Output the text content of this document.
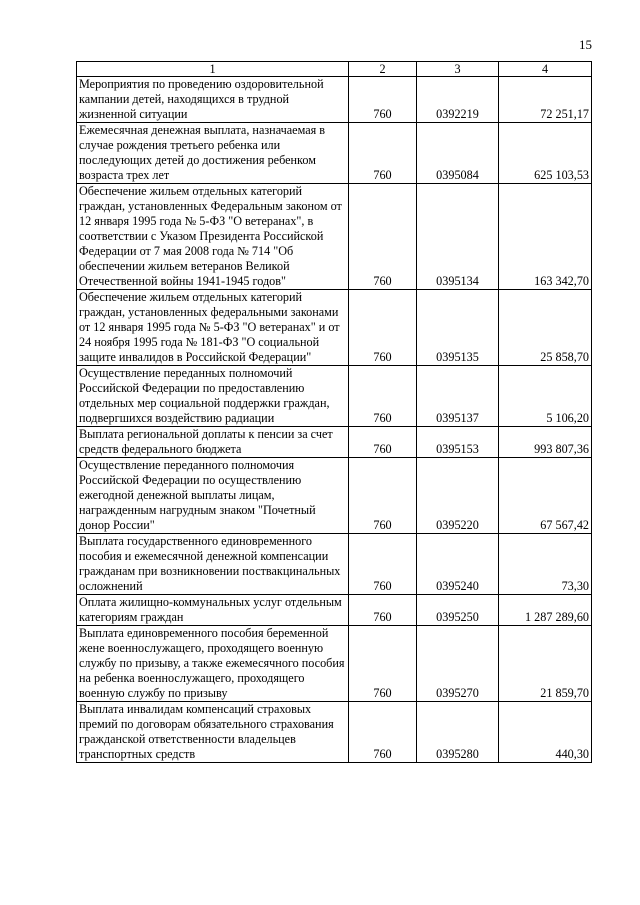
15
1	2	3	4
Мероприятия по проведению оздоровительной кампании детей, находящихся в трудной жизненной ситуации	760	0392219	72 251,17
Ежемесячная денежная выплата, назначаемая в случае рождения третьего ребенка или последующих детей до достижения ребенком возраста трех лет	760	0395084	625 103,53
Обеспечение жильем отдельных категорий граждан, установленных Федеральным законом от 12 января 1995 года № 5-ФЗ "О ветеранах", в соответствии с Указом Президента Российской Федерации от 7 мая 2008 года № 714 "Об обеспечении жильем ветеранов Великой Отечественной войны 1941-1945 годов"	760	0395134	163 342,70
Обеспечение жильем отдельных категорий граждан, установленных федеральными законами от 12 января 1995 года № 5-ФЗ "О ветеранах" и от 24 ноября 1995 года № 181-ФЗ "О социальной защите инвалидов в Российской Федерации"	760	0395135	25 858,70
Осуществление переданных полномочий Российской Федерации по предоставлению отдельных мер социальной поддержки граждан, подвергшихся воздействию радиации	760	0395137	5 106,20
Выплата региональной доплаты к пенсии за счет средств федерального бюджета	760	0395153	993 807,36
Осуществление переданного полномочия Российской Федерации по осуществлению ежегодной денежной выплаты лицам, награжденным нагрудным знаком "Почетный донор России"	760	0395220	67 567,42
Выплата государственного единовременного пособия и ежемесячной денежной компенсации гражданам при возникновении поствакцинальных осложнений	760	0395240	73,30
Оплата жилищно-коммунальных услуг отдельным категориям граждан	760	0395250	1 287 289,60
Выплата единовременного пособия беременной жене военнослужащего, проходящего военную службу по призыву, а также ежемесячного пособия на ребенка военнослужащего, проходящего военную службу по призыву	760	0395270	21 859,70
Выплата инвалидам компенсаций страховых премий по договорам обязательного страхования гражданской ответственности владельцев транспортных средств	760	0395280	440,30
